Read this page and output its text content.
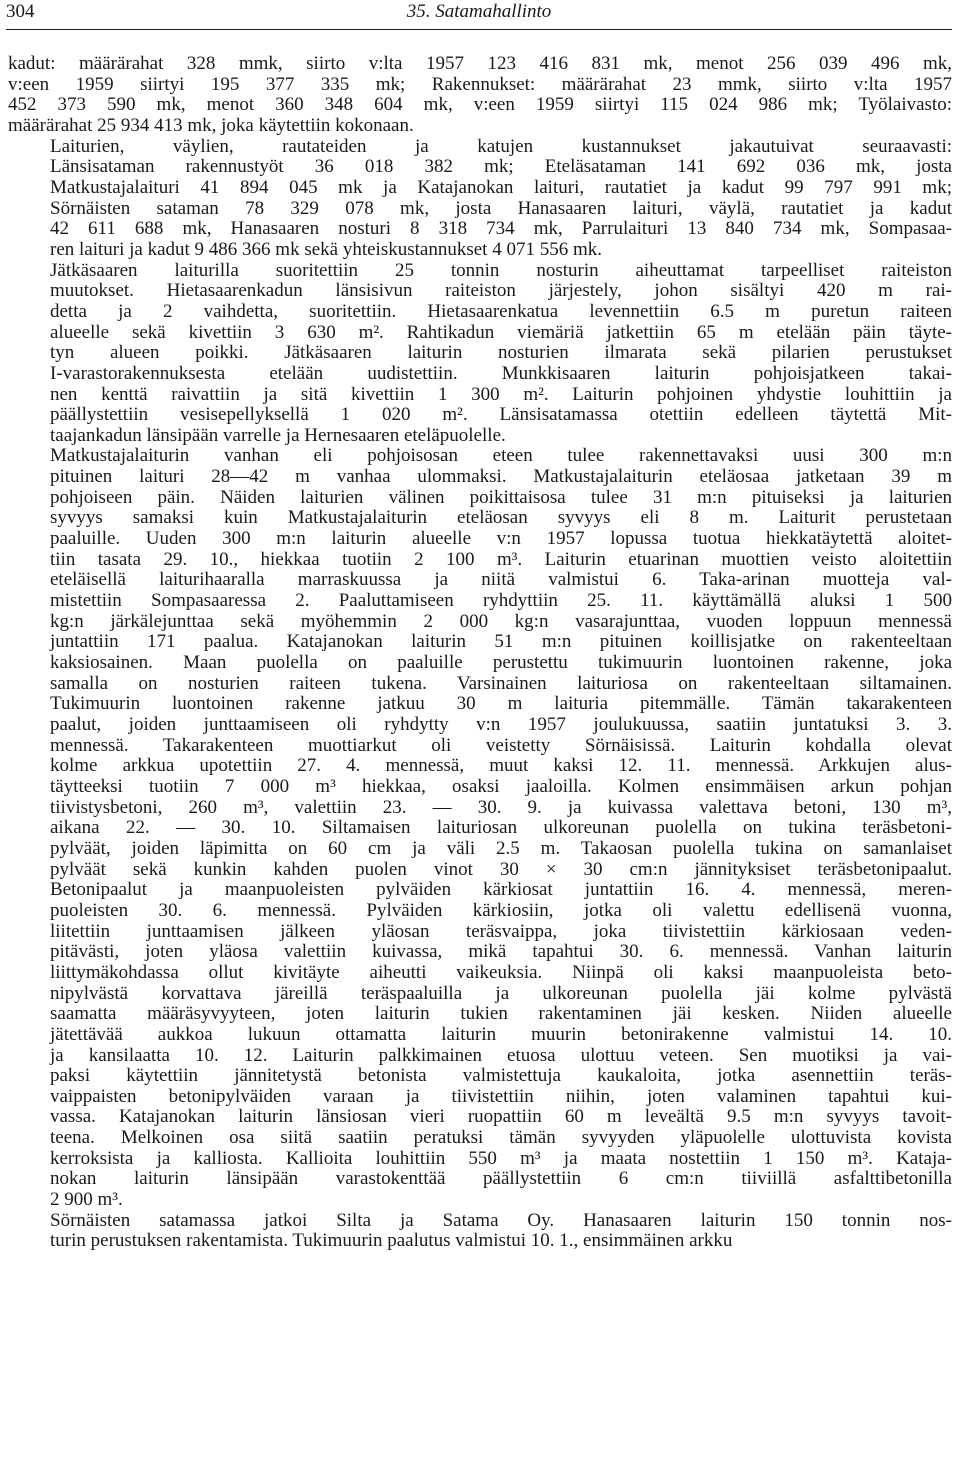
304	35. Satamahallinto

kadut: määrärahat 328 mmk, siirto v:lta 1957 123 416 831 mk, menot 256 039 496 mk,
v:een 1959 siirtyi 195 377 335 mk; Rakennukset: määrärahat 23 mmk, siirto v:lta 1957
452 373 590 mk, menot 360 348 604 mk, v:een 1959 siirtyi 115 024 986 mk; Työlaivasto:
määrärahat 25 934 413 mk, joka käytettiin kokonaan.

Laiturien, väylien, rautateiden ja katujen kustannukset jakautuivat seuraavasti:
Länsisataman rakennustyöt 36 018 382 mk; Eteläsataman 141 692 036 mk, josta
Matkustajalaituri 41 894 045 mk ja Katajanokan laituri, rautatiet ja kadut 99 797 991 mk;
Sörnäisten sataman 78 329 078 mk, josta Hanasaaren laituri, väylä, rautatiet ja kadut
42 611 688 mk, Hanasaaren nosturi 8 318 734 mk, Parrulaituri 13 840 734 mk, Sompasaa-
ren laituri ja kadut 9 486 366 mk sekä yhteiskustannukset 4 071 556 mk.

Jätkäsaaren laiturilla suoritettiin 25 tonnin nosturin aiheuttamat tarpeelliset raiteiston
muutokset. Hietasaarenkadun länsisivun raiteiston järjestely, johon sisältyi 420 m rai-
detta ja 2 vaihdetta, suoritettiin. Hietasaarenkatua levennettiin 6.5 m puretun raiteen
alueelle sekä kivettiin 3 630 m². Rahtikadun viemäriä jatkettiin 65 m etelään päin täyte-
tyn alueen poikki. Jätkäsaaren laiturin nosturien ilmarata sekä pilarien perustukset
I-varastorakennuksesta etelään uudistettiin. Munkkisaaren laiturin pohjoisjatkeen takai-
nen kenttä raivattiin ja sitä kivettiin 1 300 m². Laiturin pohjoinen yhdystie louhittiin ja
päällystettiin vesisepellyksellä 1 020 m². Länsisatamassa otettiin edelleen täytettä Mit-
taajankadun länsipään varrelle ja Hernesaaren eteläpuolelle.

Matkustajalaiturin vanhan eli pohjoisosan eteen tulee rakennettavaksi uusi 300 m:n
pituinen laituri 28—42 m vanhaa ulommaksi. Matkustajalaiturin eteläosaa jatketaan 39 m
pohjoiseen päin. Näiden laiturien välinen poikittaisosa tulee 31 m:n pituiseksi ja laiturien
syvyys samaksi kuin Matkustajalaiturin eteläosan syvyys eli 8 m. Laiturit perustetaan
paaluille. Uuden 300 m:n laiturin alueelle v:n 1957 lopussa tuotua hiekkatäytettä aloitet-
tiin tasata 29. 10., hiekkaa tuotiin 2 100 m³. Laiturin etuarinan muottien veisto aloitettiin
eteläisellä laiturihaaralla marraskuussa ja niitä valmistui 6. Taka-arinan muotteja val-
mistettiin Sompasaaressa 2. Paaluttamiseen ryhdyttiin 25. 11. käyttämällä aluksi 1 500
kg:n järkälejunttaa sekä myöhemmin 2 000 kg:n vasarajunttaa, vuoden loppuun mennessä
juntattiin 171 paalua. Katajanokan laiturin 51 m:n pituinen koillisjatke on rakenteeltaan
kaksiosainen. Maan puolella on paaluille perustettu tukimuurin luontoinen rakenne, joka
samalla on nosturien raiteen tukena. Varsinainen laituriosa on rakenteeltaan siltamainen.
Tukimuurin luontoinen rakenne jatkuu 30 m laituria pitemmälle. Tämän takarakenteen
paalut, joiden junttaamiseen oli ryhdytty v:n 1957 joulukuussa, saatiin juntatuksi 3. 3.
mennessä. Takarakenteen muottiarkut oli veistetty Sörnäisissä. Laiturin kohdalla olevat
kolme arkkua upotettiin 27. 4. mennessä, muut kaksi 12. 11. mennessä. Arkkujen alus-
täytteeksi tuotiin 7 000 m³ hiekkaa, osaksi jaaloilla. Kolmen ensimmäisen arkun pohjan
tiivistysbetoni, 260 m³, valettiin 23. — 30. 9. ja kuivassa valettava betoni, 130 m³,
aikana 22. — 30. 10. Siltamaisen laituriosan ulkoreunan puolella on tukina teräsbetoni-
pylväät, joiden läpimitta on 60 cm ja väli 2.5 m. Takaosan puolella tukina on samanlaiset
pylväät sekä kunkin kahden puolen vinot 30 × 30 cm:n jännityksiset teräsbetonipaalut.
Betonipaalut ja maanpuoleisten pylväiden kärkiosat juntattiin 16. 4. mennessä, meren-
puoleisten 30. 6. mennessä. Pylväiden kärkiosiin, jotka oli valettu edellisenä vuonna,
liitettiin junttaamisen jälkeen yläosan teräsvaippa, joka tiivistettiin kärkiosaan veden-
pitävästi, joten yläosa valettiin kuivassa, mikä tapahtui 30. 6. mennessä. Vanhan laiturin
liittymäkohdassa ollut kivitäyte aiheutti vaikeuksia. Niinpä oli kaksi maanpuoleista beto-
nipylvästä korvattava järeillä teräspaaluilla ja ulkoreunan puolella jäi kolme pylvästä
saamatta määräsyvyyteen, joten laiturin tukien rakentaminen jäi kesken. Niiden alueelle
jätettävää aukkoa lukuun ottamatta laiturin muurin betonirakenne valmistui 14. 10.
ja kansilaatta 10. 12. Laiturin palkkimainen etuosa ulottuu veteen. Sen muotiksi ja vai-
paksi käytettiin jännitetystä betonista valmistettuja kaukaloita, jotka asennettiin teräs-
vaippaisten betonipylväiden varaan ja tiivistettiin niihin, joten valaminen tapahtui kui-
vassa. Katajanokan laiturin länsiosan vieri ruopattiin 60 m leveältä 9.5 m:n syvyys tavoit-
teena. Melkoinen osa siitä saatiin peratuksi tämän syvyyden yläpuolelle ulottuvista kovista
kerroksista ja kalliosta. Kallioita louhittiin 550 m³ ja maata nostettiin 1 150 m³. Kataja-
nokan laiturin länsipään varastokenttää päällystettiin 6 cm:n tiiviillä asfalttibetonilla
2 900 m³.

Sörnäisten satamassa jatkoi Silta ja Satama Oy. Hanasaaren laiturin 150 tonnin nos-
turin perustuksen rakentamista. Tukimuurin paalutus valmistui 10. 1., ensimmäinen arkku
